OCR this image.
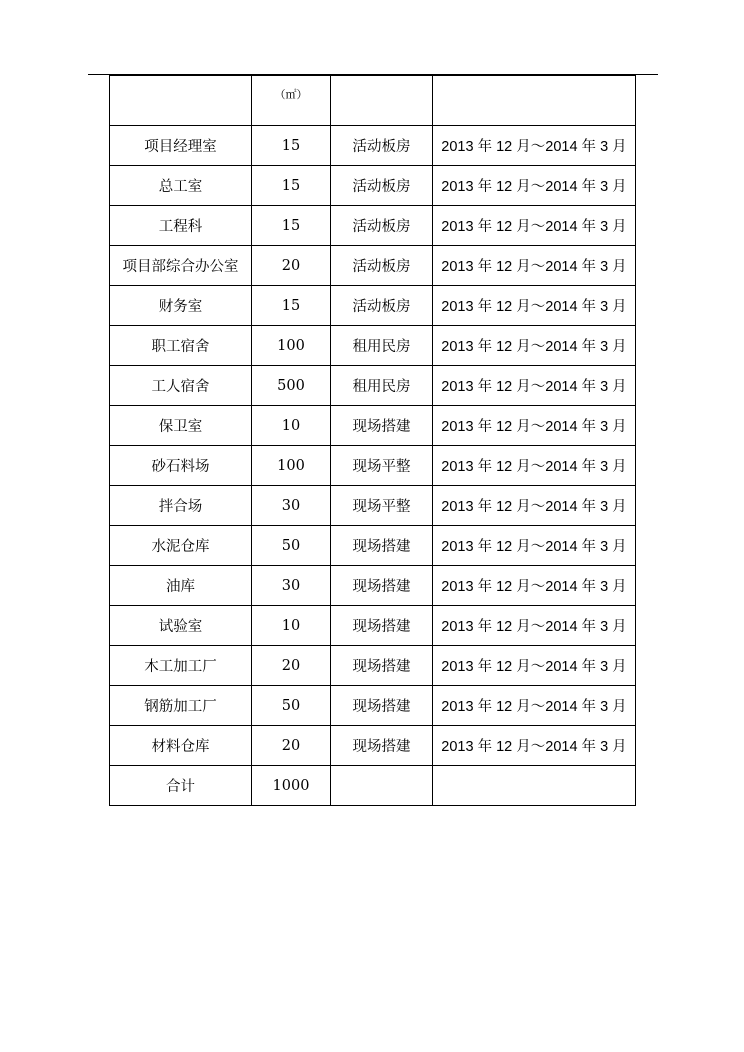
	（㎡）		
项目经理室	15	活动板房	2013 年 12 月～2014 年 3 月
总工室	15	活动板房	2013 年 12 月～2014 年 3 月
工程科	15	活动板房	2013 年 12 月～2014 年 3 月
项目部综合办公室	20	活动板房	2013 年 12 月～2014 年 3 月
财务室	15	活动板房	2013 年 12 月～2014 年 3 月
职工宿舍	100	租用民房	2013 年 12 月～2014 年 3 月
工人宿舍	500	租用民房	2013 年 12 月～2014 年 3 月
保卫室	10	现场搭建	2013 年 12 月～2014 年 3 月
砂石料场	100	现场平整	2013 年 12 月～2014 年 3 月
拌合场	30	现场平整	2013 年 12 月～2014 年 3 月
水泥仓库	50	现场搭建	2013 年 12 月～2014 年 3 月
油库	30	现场搭建	2013 年 12 月～2014 年 3 月
试验室	10	现场搭建	2013 年 12 月～2014 年 3 月
木工加工厂	20	现场搭建	2013 年 12 月～2014 年 3 月
钢筋加工厂	50	现场搭建	2013 年 12 月～2014 年 3 月
材料仓库	20	现场搭建	2013 年 12 月～2014 年 3 月
合计	1000		
